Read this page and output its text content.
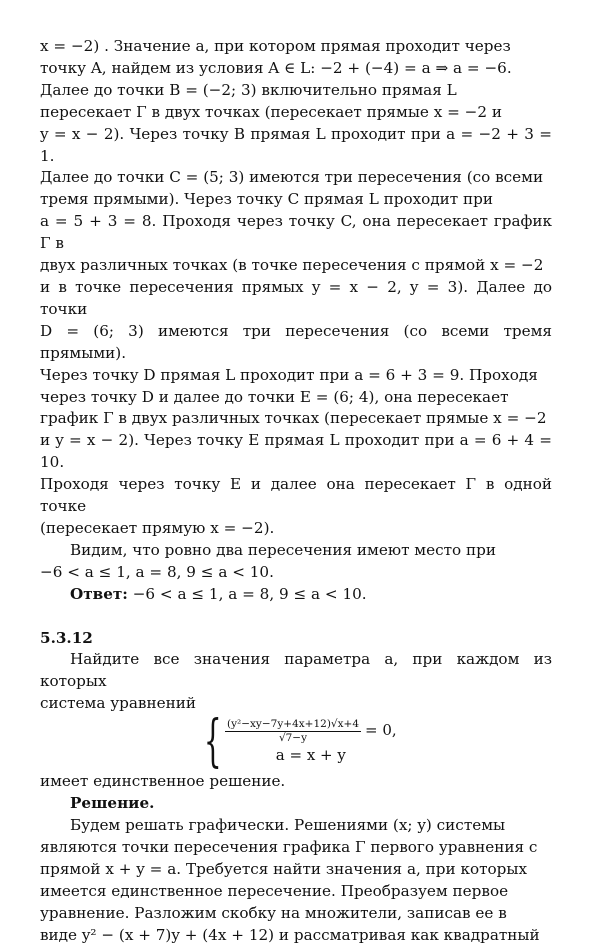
x = −2) . Значение a, при котором прямая проходит через

точку A, найдем из условия A ∈ L: −2 + (−4) = a ⇒ a = −6.

Далее до точки B = (−2; 3) включительно прямая L

пересекает Γ в двух точках (пересекает прямые x = −2 и

y = x − 2). Через точку B прямая L проходит при a = −2 + 3 = 1.

Далее до точки C = (5; 3) имеются три пересечения (со всеми

тремя прямыми). Через точку C прямая L проходит при

a = 5 + 3 = 8. Проходя через точку C, она пересекает график Γ в

двух различных точках (в точке пересечения с прямой x = −2

и в точке пересечения прямых y = x − 2, y = 3). Далее до точки

D = (6; 3) имеются три пересечения (со всеми тремя прямыми).

Через точку D прямая L проходит при a = 6 + 3 = 9. Проходя

через точку D и далее до точки E = (6; 4), она пересекает

график Γ в двух различных точках (пересекает прямые x = −2

и y = x − 2). Через точку E прямая L проходит при a = 6 + 4 = 10.

Проходя через точку E и далее она пересекает Γ в одной точке

(пересекает прямую x = −2).

Видим, что ровно два пересечения имеют место при

−6 < a ≤ 1, a = 8, 9 ≤ a < 10.

Ответ: −6 < a ≤ 1, a = 8, 9 ≤ a < 10.

5.3.12

Найдите все значения параметра a, при каждом из которых

система уравнений

{ $\frac{\text{(y²−xy−7y+4x+12)√x+4}}{√7-y} = 0$,
a = x + y

имеет единственное решение.

Решение.

Будем решать графически. Решениями (x; y) системы

являются точки пересечения графика Γ первого уравнения с

прямой x + y = a. Требуется найти значения a, при которых

имеется единственное пересечение. Преобразуем первое

уравнение. Разложим скобку на множители, записав ее в

виде y² − (x + 7)y + (4x + 12) и рассматривая как квадратный
